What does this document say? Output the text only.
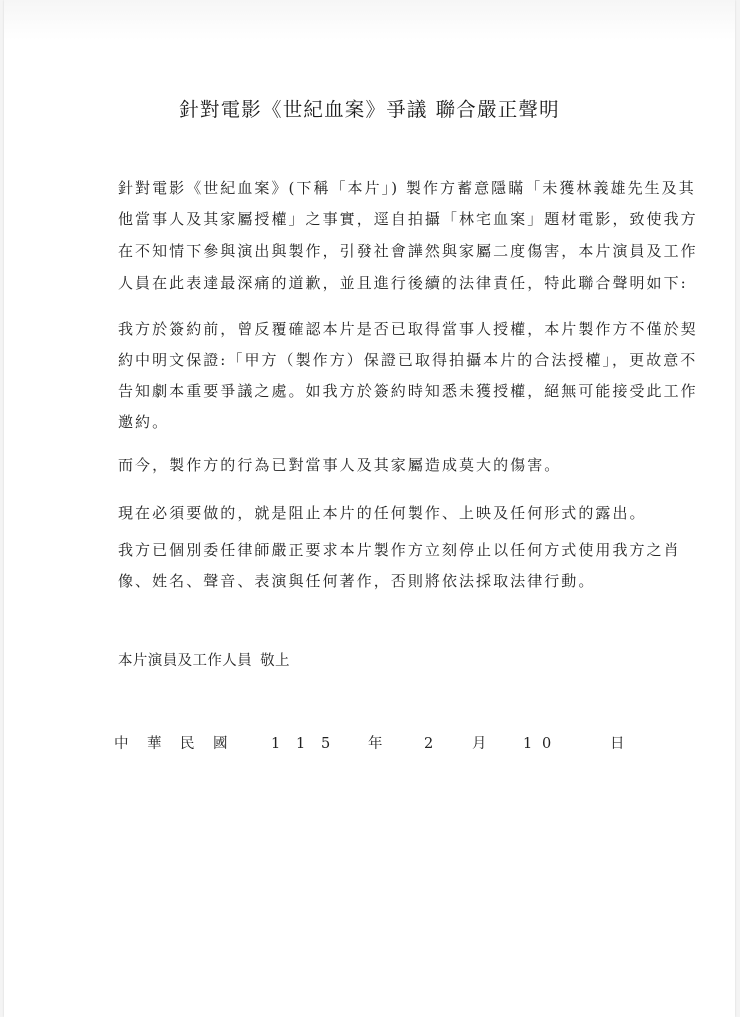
針對電影《世紀血案》爭議 聯合嚴正聲明
針對電影《世紀血案》(下稱「本片」) 製作方蓄意隱瞞「未獲林義雄先生及其
他當事人及其家屬授權」之事實，逕自拍攝「林宅血案」題材電影，致使我方
在不知情下參與演出與製作，引發社會譁然與家屬二度傷害，本片演員及工作
人員在此表達最深痛的道歉，並且進行後續的法律責任，特此聯合聲明如下:
我方於簽約前，曾反覆確認本片是否已取得當事人授權，本片製作方不僅於契
約中明文保證:「甲方（製作方）保證已取得拍攝本片的合法授權」，更故意不
告知劇本重要爭議之處。如我方於簽約時知悉未獲授權，絕無可能接受此工作
邀約。
而今，製作方的行為已對當事人及其家屬造成莫大的傷害。
現在必須要做的，就是阻止本片的任何製作、上映及任何形式的露出。
我方已個別委任律師嚴正要求本片製作方立刻停止以任何方式使用我方之肖
像、姓名、聲音、表演與任何著作，否則將依法採取法律行動。
本片演員及工作人員 敬上
中 華 民 國	1 1 5	年	2	月	1 0	日
